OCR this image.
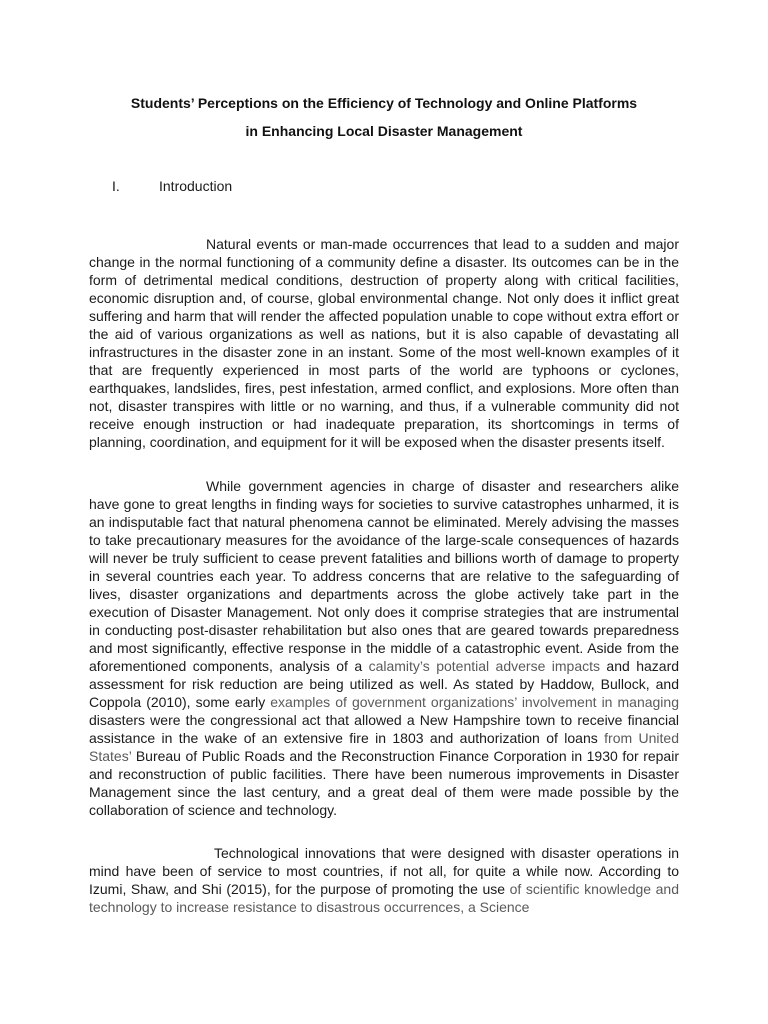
Students’ Perceptions on the Efficiency of Technology and Online Platforms
in Enhancing Local Disaster Management
I.	Introduction

Natural events or man-made occurrences that lead to a sudden and major change in the normal functioning of a community define a disaster. Its outcomes can be in the form of detrimental medical conditions, destruction of property along with critical facilities, economic disruption and, of course, global environmental change. Not only does it inflict great suffering and harm that will render the affected population unable to cope without extra effort or the aid of various organizations as well as nations, but it is also capable of devastating all infrastructures in the disaster zone in an instant. Some of the most well-known examples of it that are frequently experienced in most parts of the world are typhoons or cyclones, earthquakes, landslides, fires, pest infestation, armed conflict, and explosions. More often than not, disaster transpires with little or no warning, and thus, if a vulnerable community did not receive enough instruction or had inadequate preparation, its shortcomings in terms of planning, coordination, and equipment for it will be exposed when the disaster presents itself.

While government agencies in charge of disaster and researchers alike have gone to great lengths in finding ways for societies to survive catastrophes unharmed, it is an indisputable fact that natural phenomena cannot be eliminated. Merely advising the masses to take precautionary measures for the avoidance of the large-scale consequences of hazards will never be truly sufficient to cease prevent fatalities and billions worth of damage to property in several countries each year. To address concerns that are relative to the safeguarding of lives, disaster organizations and departments across the globe actively take part in the execution of Disaster Management. Not only does it comprise strategies that are instrumental in conducting post-disaster rehabilitation but also ones that are geared towards preparedness and most significantly, effective response in the middle of a catastrophic event. Aside from the aforementioned components, analysis of a calamity’s potential adverse impacts and hazard assessment for risk reduction are being utilized as well. As stated by Haddow, Bullock, and Coppola (2010), some early examples of government organizations’ involvement in managing disasters were the congressional act that allowed a New Hampshire town to receive financial assistance in the wake of an extensive fire in 1803 and authorization of loans from United States’ Bureau of Public Roads and the Reconstruction Finance Corporation in 1930 for repair and reconstruction of public facilities. There have been numerous improvements in Disaster Management since the last century, and a great deal of them were made possible by the collaboration of science and technology.

Technological innovations that were designed with disaster operations in mind have been of service to most countries, if not all, for quite a while now. According to Izumi, Shaw, and Shi (2015), for the purpose of promoting the use of scientific knowledge and technology to increase resistance to disastrous occurrences, a Science
